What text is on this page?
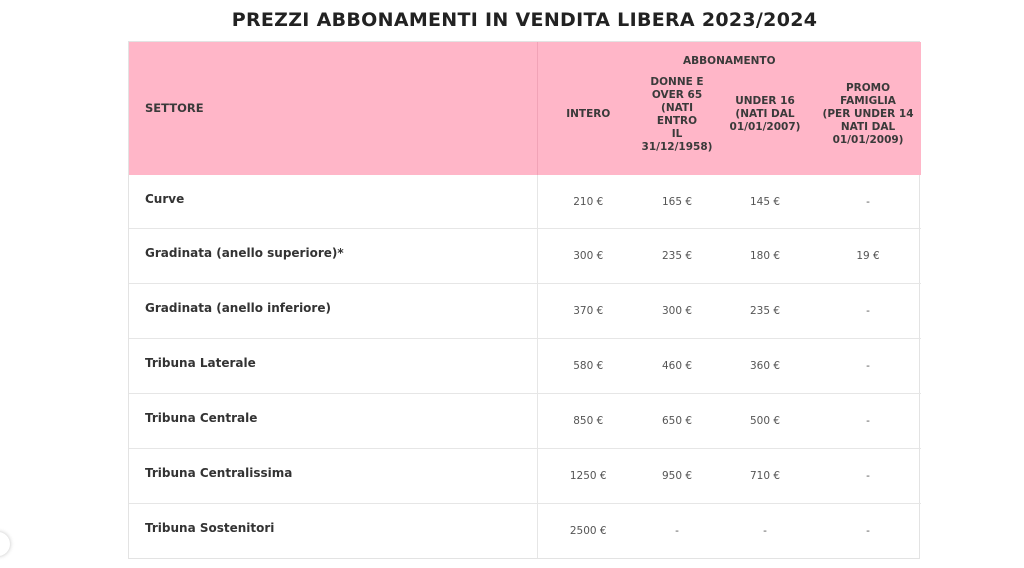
PREZZI ABBONAMENTI IN VENDITA LIBERA 2023/2024
SETTORE	ABBONAMENTO			

	INTERO	DONNE E
OVER 65
(NATI ENTRO
IL 31/12/1958)	UNDER 16
(NATI DAL
01/01/2007)	PROMO
FAMIGLIA
(PER UNDER 14
NATI DAL
01/01/2009)

Curve	210 €	165 €	145 €	-
Gradinata (anello superiore)*	300 €	235 €	180 €	19 €
Gradinata (anello inferiore)	370 €	300 €	235 €	-
Tribuna Laterale	580 €	460 €	360 €	-
Tribuna Centrale	850 €	650 €	500 €	-
Tribuna Centralissima	1250 €	950 €	710 €	-
Tribuna Sostenitori	2500 €	-	-	-
